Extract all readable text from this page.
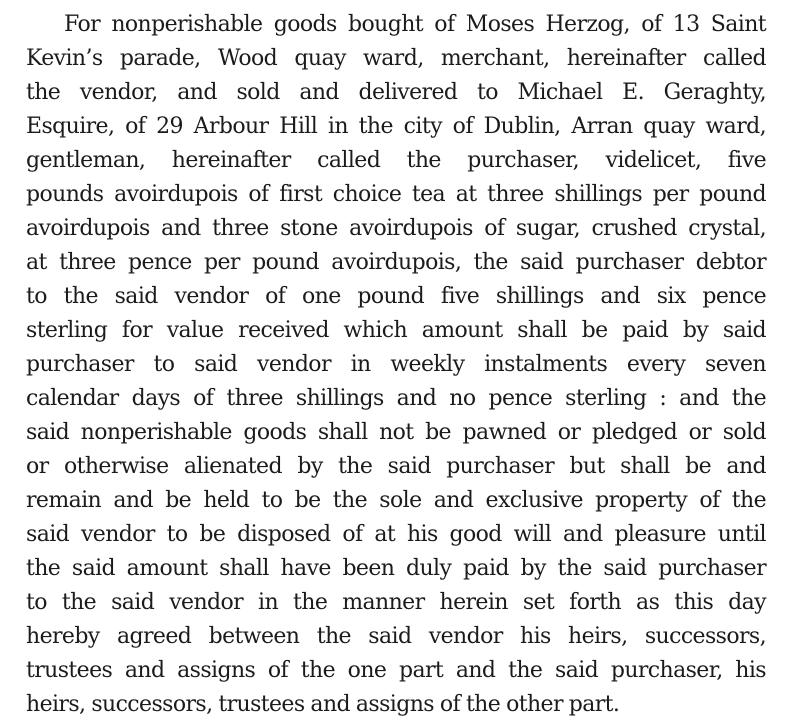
For nonperishable goods bought of Moses Herzog, of 13 Saint
Kevin’s parade, Wood quay ward, merchant, hereinafter called
the vendor, and sold and delivered to Michael E. Geraghty,
Esquire, of 29 Arbour Hill in the city of Dublin, Arran quay ward,
gentleman, hereinafter called the purchaser, videlicet, five
pounds avoirdupois of first choice tea at three shillings per pound
avoirdupois and three stone avoirdupois of sugar, crushed crystal,
at three pence per pound avoirdupois, the said purchaser debtor
to the said vendor of one pound five shillings and six pence
sterling for value received which amount shall be paid by said
purchaser to said vendor in weekly instalments every seven
calendar days of three shillings and no pence sterling : and the
said nonperishable goods shall not be pawned or pledged or sold
or otherwise alienated by the said purchaser but shall be and
remain and be held to be the sole and exclusive property of the
said vendor to be disposed of at his good will and pleasure until
the said amount shall have been duly paid by the said purchaser
to the said vendor in the manner herein set forth as this day
hereby agreed between the said vendor his heirs, successors,
trustees and assigns of the one part and the said purchaser, his
heirs, successors, trustees and assigns of the other part.
